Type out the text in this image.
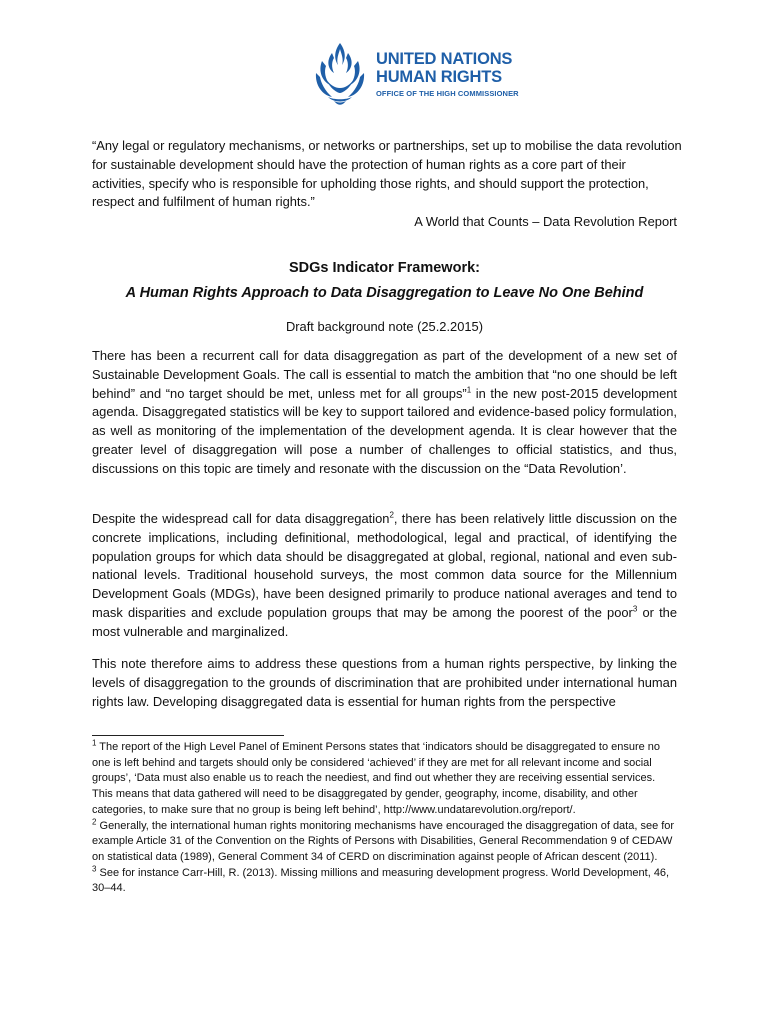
UNITED NATIONS
HUMAN RIGHTS
OFFICE OF THE HIGH COMMISSIONER
“Any legal or regulatory mechanisms, or networks or partnerships, set up to mobilise the data revolution for sustainable development should have the protection of human rights as a core part of their activities, specify who is responsible for upholding those rights, and should support the protection, respect and fulfilment of human rights.”
A World that Counts – Data Revolution Report
SDGs Indicator Framework:
A Human Rights Approach to Data Disaggregation to Leave No One Behind
Draft background note (25.2.2015)
There has been a recurrent call for data disaggregation as part of the development of a new set of Sustainable Development Goals. The call is essential to match the ambition that “no one should be left behind” and “no target should be met, unless met for all groups”$^1$ in the new post-2015 development agenda. Disaggregated statistics will be key to support tailored and evidence-based policy formulation, as well as monitoring of the implementation of the development agenda. It is clear however that the greater level of disaggregation will pose a number of challenges to official statistics, and thus, discussions on this topic are timely and resonate with the discussion on the “Data Revolution’.
Despite the widespread call for data disaggregation$^2$, there has been relatively little discussion on the concrete implications, including definitional, methodological, legal and practical, of identifying the population groups for which data should be disaggregated at global, regional, national and even sub-national levels. Traditional household surveys, the most common data source for the Millennium Development Goals (MDGs), have been designed primarily to produce national averages and tend to mask disparities and exclude population groups that may be among the poorest of the poor$^3$ or the most vulnerable and marginalized.
This note therefore aims to address these questions from a human rights perspective, by linking the levels of disaggregation to the grounds of discrimination that are prohibited under international human rights law. Developing disaggregated data is essential for human rights from the perspective

$^1$ The report of the High Level Panel of Eminent Persons states that ‘indicators should be disaggregated to ensure no one is left behind and targets should only be considered ‘achieved’ if they are met for all relevant income and social groups’, ‘Data must also enable us to reach the neediest, and find out whether they are receiving essential services. This means that data gathered will need to be disaggregated by gender, geography, income, disability, and other categories, to make sure that no group is being left behind’, http://www.undatarevolution.org/report/.

$^2$ Generally, the international human rights monitoring mechanisms have encouraged the disaggregation of data, see for example Article 31 of the Convention on the Rights of Persons with Disabilities, General Recommendation 9 of CEDAW on statistical data (1989), General Comment 34 of CERD on discrimination against people of African descent (2011).

$^3$ See for instance Carr-Hill, R. (2013). Missing millions and measuring development progress. World Development, 46, 30–44.
